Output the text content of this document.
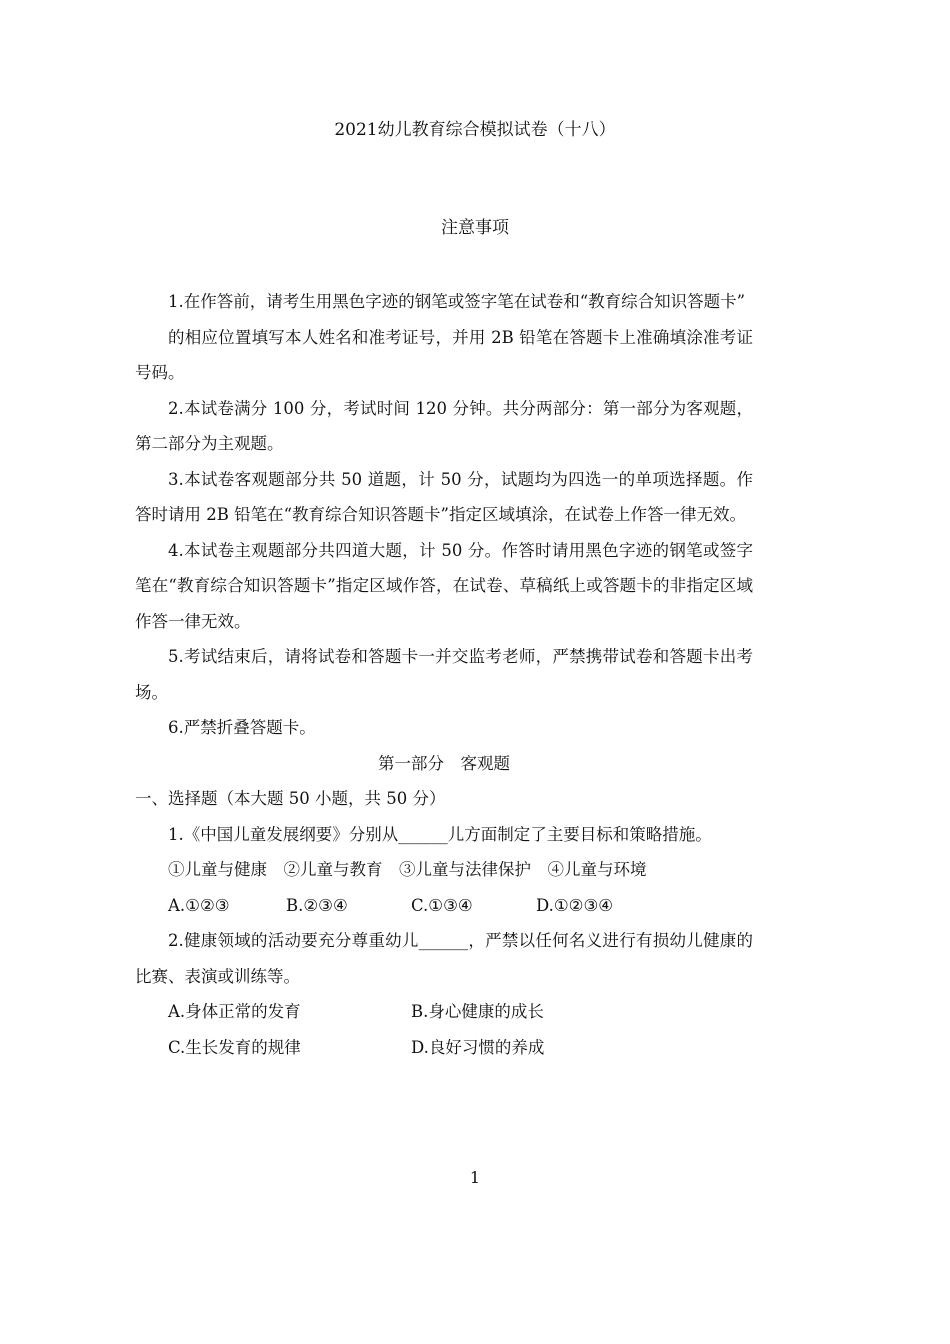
2021幼儿教育综合模拟试卷（十八）
注意事项

1.在作答前，请考生用黑色字迹的钢笔或签字笔在试卷和“教育综合知识答题卡”

的相应位置填写本人姓名和准考证号，并用 2B 铅笔在答题卡上准确填涂准考证号码。

2.本试卷满分 100 分，考试时间 120 分钟。共分两部分：第一部分为客观题，第二部分为主观题。

3.本试卷客观题部分共 50 道题，计 50 分，试题均为四选一的单项选择题。作答时请用 2B 铅笔在“教育综合知识答题卡”指定区域填涂，在试卷上作答一律无效。

4.本试卷主观题部分共四道大题，计 50 分。作答时请用黑色字迹的钢笔或签字笔在“教育综合知识答题卡”指定区域作答，在试卷、草稿纸上或答题卡的非指定区域作答一律无效。

5.考试结束后，请将试卷和答题卡一并交监考老师，严禁携带试卷和答题卡出考场。

6.严禁折叠答题卡。

第一部分　客观题

一、选择题（本大题 50 小题，共 50 分）

1.《中国儿童发展纲要》分别从______儿方面制定了主要目标和策略措施。

①儿童与健康　②儿童与教育　③儿童与法律保护　④儿童与环境

A.①②③	B.②③④	C.①③④	D.①②③④

2.健康领域的活动要充分尊重幼儿______，严禁以任何名义进行有损幼儿健康的比赛、表演或训练等。

A.身体正常的发育	B.身心健康的成长
C.生长发育的规律	D.良好习惯的养成
1
